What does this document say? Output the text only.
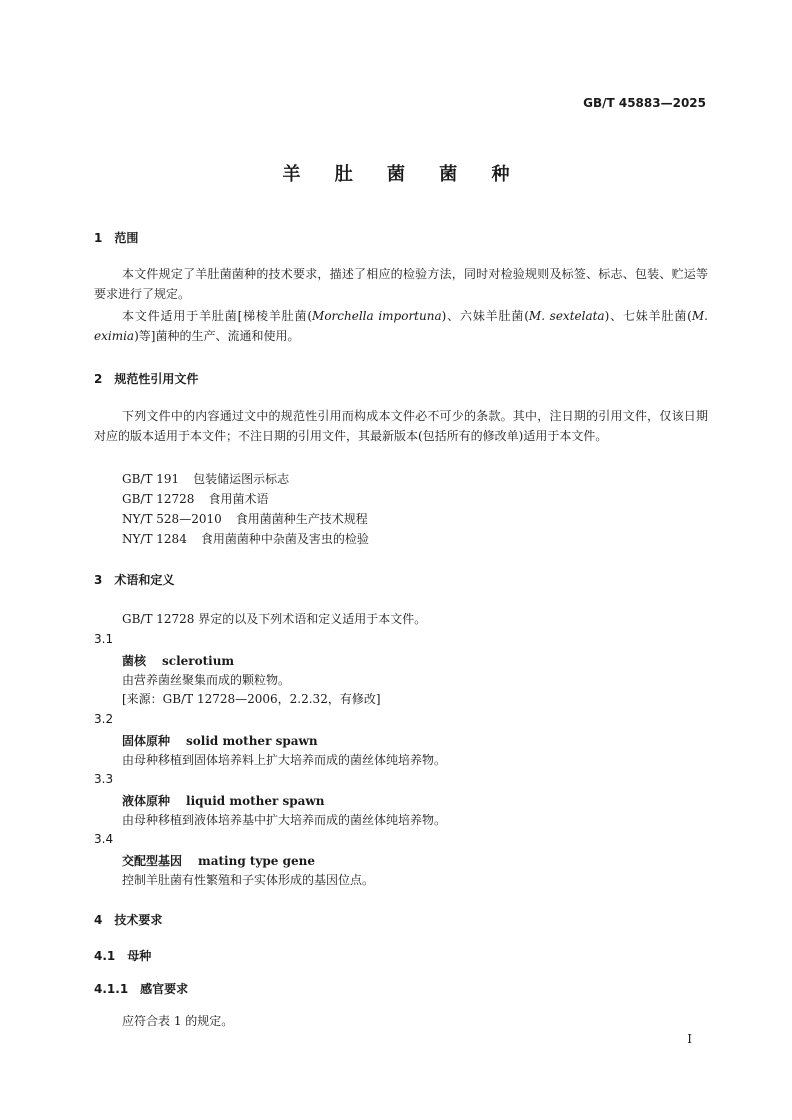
GB/T 45883—2025
羊 肚 菌 菌 种
1 范围
本文件规定了羊肚菌菌种的技术要求，描述了相应的检验方法，同时对检验规则及标签、标志、包装、贮运等要求进行了规定。
本文件适用于羊肚菌[梯棱羊肚菌(Morchella importuna)、六妹羊肚菌(M. sextelata)、七妹羊肚菌(M. eximia)等]菌种的生产、流通和使用。
2 规范性引用文件
下列文件中的内容通过文中的规范性引用而构成本文件必不可少的条款。其中，注日期的引用文件，仅该日期对应的版本适用于本文件；不注日期的引用文件，其最新版本(包括所有的修改单)适用于本文件。
GB/T 191 包装储运图示标志
GB/T 12728 食用菌术语
NY/T 528—2010 食用菌菌种生产技术规程
NY/T 1284 食用菌菌种中杂菌及害虫的检验
3 术语和定义
GB/T 12728 界定的以及下列术语和定义适用于本文件。
3.1
菌核 sclerotium
由营养菌丝聚集而成的颗粒物。
[来源：GB/T 12728—2006，2.2.32，有修改]
3.2
固体原种 solid mother spawn
由母种移植到固体培养料上扩大培养而成的菌丝体纯培养物。
3.3
液体原种 liquid mother spawn
由母种移植到液体培养基中扩大培养而成的菌丝体纯培养物。
3.4
交配型基因 mating type gene
控制羊肚菌有性繁殖和子实体形成的基因位点。
4 技术要求
4.1 母种
4.1.1 感官要求
应符合表 1 的规定。
I
